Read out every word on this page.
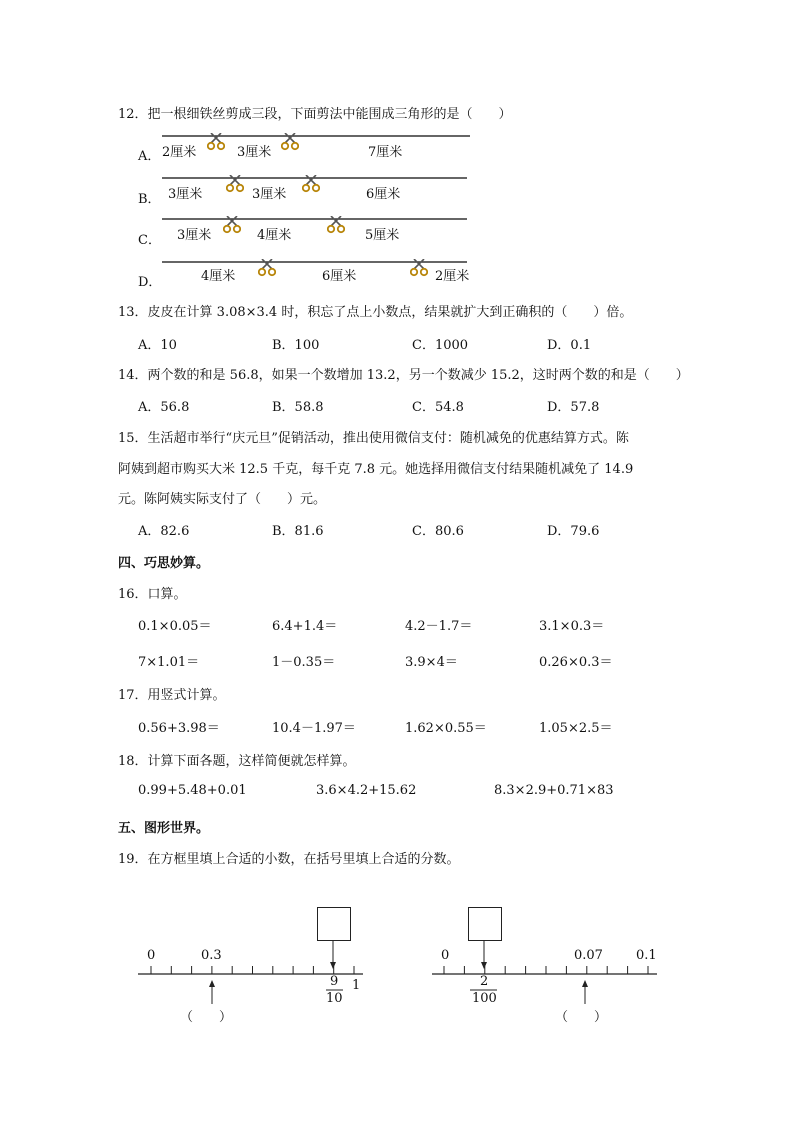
12．把一根细铁丝剪成三段，下面剪法中能围成三角形的是（　　）
A． 2厘米	3厘米	7厘米
B． 3厘米	3厘米	6厘米
C． 3厘米	4厘米	5厘米
D．	4厘米	6厘米	2厘米
13．皮皮在计算 3.08×3.4 时，积忘了点上小数点，结果就扩大到正确积的（　　）倍。
A．10	B．100	C．1000	D．0.1
14．两个数的和是 56.8，如果一个数增加 13.2，另一个数减少 15.2，这时两个数的和是（　　）
A．56.8	B．58.8	C．54.8	D．57.8
15．生活超市举行“庆元旦”促销活动，推出使用微信支付：随机减免的优惠结算方式。陈
阿姨到超市购买大米 12.5 千克，每千克 7.8 元。她选择用微信支付结果随机减免了 14.9
元。陈阿姨实际支付了（　　）元。
A．82.6	B．81.6	C．80.6	D．79.6
四、巧思妙算。
16．口算。
0.1×0.05＝	6.4+1.4＝	4.2－1.7＝	3.1×0.3＝
7×1.01＝	1－0.35＝	3.9×4＝	0.26×0.3＝
17．用竖式计算。
0.56+3.98＝	10.4－1.97＝	1.62×0.55＝	1.05×2.5＝
18．计算下面各题，这样简便就怎样算。
0.99+5.48+0.01	3.6×4.2+15.62	8.3×2.9+0.71×83
五、图形世界。
19．在方框里填上合适的小数，在括号里填上合适的分数。
0	0.3
1
9
10
（　　）
0	0.07	0.1
2
100
（　　）
